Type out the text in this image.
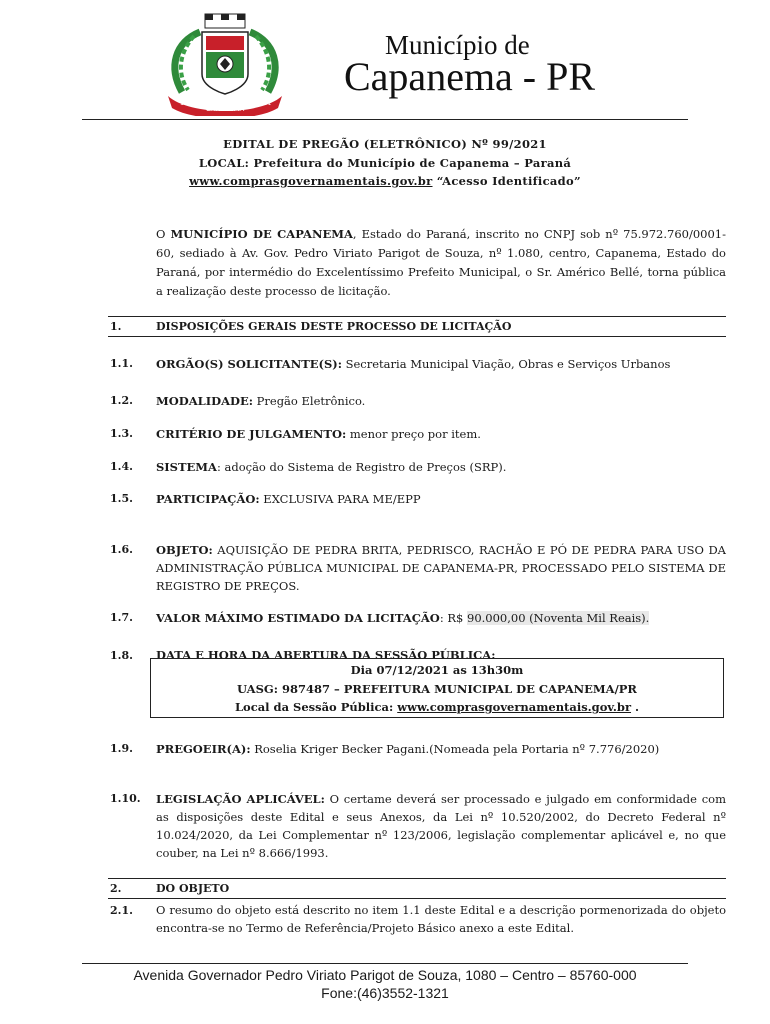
CAPANEMA
14-11	1951
Município de
Capanema - PR
EDITAL DE PREGÃO (ELETRÔNICO) Nº 99/2021
LOCAL: Prefeitura do Município de Capanema – Paraná
www.comprasgovernamentais.gov.br “Acesso Identificado”
O MUNICÍPIO DE CAPANEMA, Estado do Paraná, inscrito no CNPJ sob nº 75.972.760/0001-60, sediado à Av. Gov. Pedro Viriato Parigot de Souza, nº 1.080, centro, Capanema, Estado do Paraná, por intermédio do Excelentíssimo Prefeito Municipal, o Sr. Américo Bellé, torna pública a realização deste processo de licitação.
1.	DISPOSIÇÕES GERAIS DESTE PROCESSO DE LICITAÇÃO
1.1. ORGÃO(S) SOLICITANTE(S): Secretaria Municipal Viação, Obras e Serviços Urbanos
1.2. MODALIDADE: Pregão Eletrônico.
1.3. CRITÉRIO DE JULGAMENTO: menor preço por item.
1.4. SISTEMA: adoção do Sistema de Registro de Preços (SRP).
1.5. PARTICIPAÇÃO: EXCLUSIVA PARA ME/EPP
1.6. OBJETO: AQUISIÇÃO DE PEDRA BRITA, PEDRISCO, RACHÃO E PÓ DE PEDRA PARA USO DA ADMINISTRAÇÃO PÚBLICA MUNICIPAL DE CAPANEMA-PR, PROCESSADO PELO SISTEMA DE REGISTRO DE PREÇOS.
1.7. VALOR MÁXIMO ESTIMADO DA LICITAÇÃO: R$ 90.000,00 (Noventa Mil Reais).
1.8. DATA E HORA DA ABERTURA DA SESSÃO PÚBLICA:
Dia 07/12/2021 as 13h30m
UASG: 987487 – PREFEITURA MUNICIPAL DE CAPANEMA/PR
Local da Sessão Pública: www.comprasgovernamentais.gov.br .
1.9. PREGOEIR(A): Roselia Kriger Becker Pagani.(Nomeada pela Portaria nº 7.776/2020)
1.10. LEGISLAÇÃO APLICÁVEL: O certame deverá ser processado e julgado em conformidade com as disposições deste Edital e seus Anexos, da Lei nº 10.520/2002, do Decreto Federal nº 10.024/2020, da Lei Complementar nº 123/2006, legislação complementar aplicável e, no que couber, na Lei nº 8.666/1993.
2.	DO OBJETO
2.1. O resumo do objeto está descrito no item 1.1 deste Edital e a descrição pormenorizada do objeto encontra-se no Termo de Referência/Projeto Básico anexo a este Edital.
Avenida Governador Pedro Viriato Parigot de Souza, 1080 – Centro – 85760-000
Fone:(46)3552-1321
